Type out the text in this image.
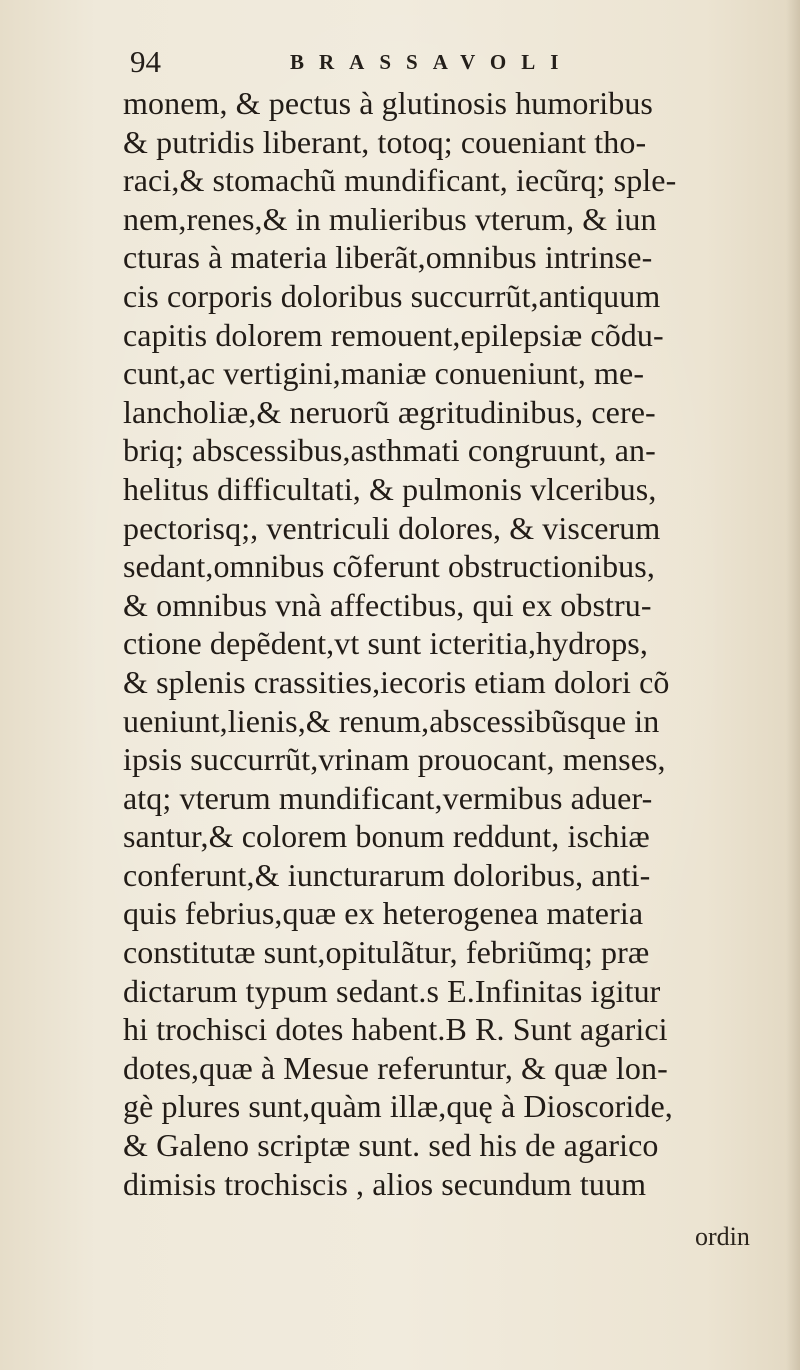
94	BRASSAVOLI
monem, & pectus à glutinosis humoribus
& putridis liberant, totoq; coueniant tho-
raci,& stomachũ mundificant, iecũrq; sple-
nem,renes,& in mulieribus vterum, & iun
cturas à materia liberãt,omnibus intrinse-
cis corporis doloribus succurrũt,antiquum
capitis dolorem remouent,epilepsiæ cõdu-
cunt,ac vertigini,maniæ conueniunt, me-
lancholiæ,& neruorũ ægritudinibus, cere-
briq; abscessibus,asthmati congruunt, an-
helitus difficultati, & pulmonis vlceribus,
pectorisq;, ventriculi dolores, & viscerum
sedant,omnibus cõferunt obstructionibus,
& omnibus vnà affectibus, qui ex obstru-
ctione depẽdent,vt sunt icteritia,hydrops,
& splenis crassities,iecoris etiam dolori cõ
ueniunt,lienis,& renum,abscessibũsque in
ipsis succurrũt,vrinam prouocant, menses,
atq; vterum mundificant,vermibus aduer-
santur,& colorem bonum reddunt, ischiæ
conferunt,& iuncturarum doloribus, anti-
quis febrius,quæ ex heterogenea materia
constitutæ sunt,opitulãtur, febriũmq; præ
dictarum typum sedant.s E.Infinitas igitur
hi trochisci dotes habent.B R. Sunt agarici
dotes,quæ à Mesue referuntur, & quæ lon-
gè plures sunt,quàm illæ,quę à Dioscoride,
& Galeno scriptæ sunt. sed his de agarico
dimisis trochiscis , alios secundum tuum
ordin
